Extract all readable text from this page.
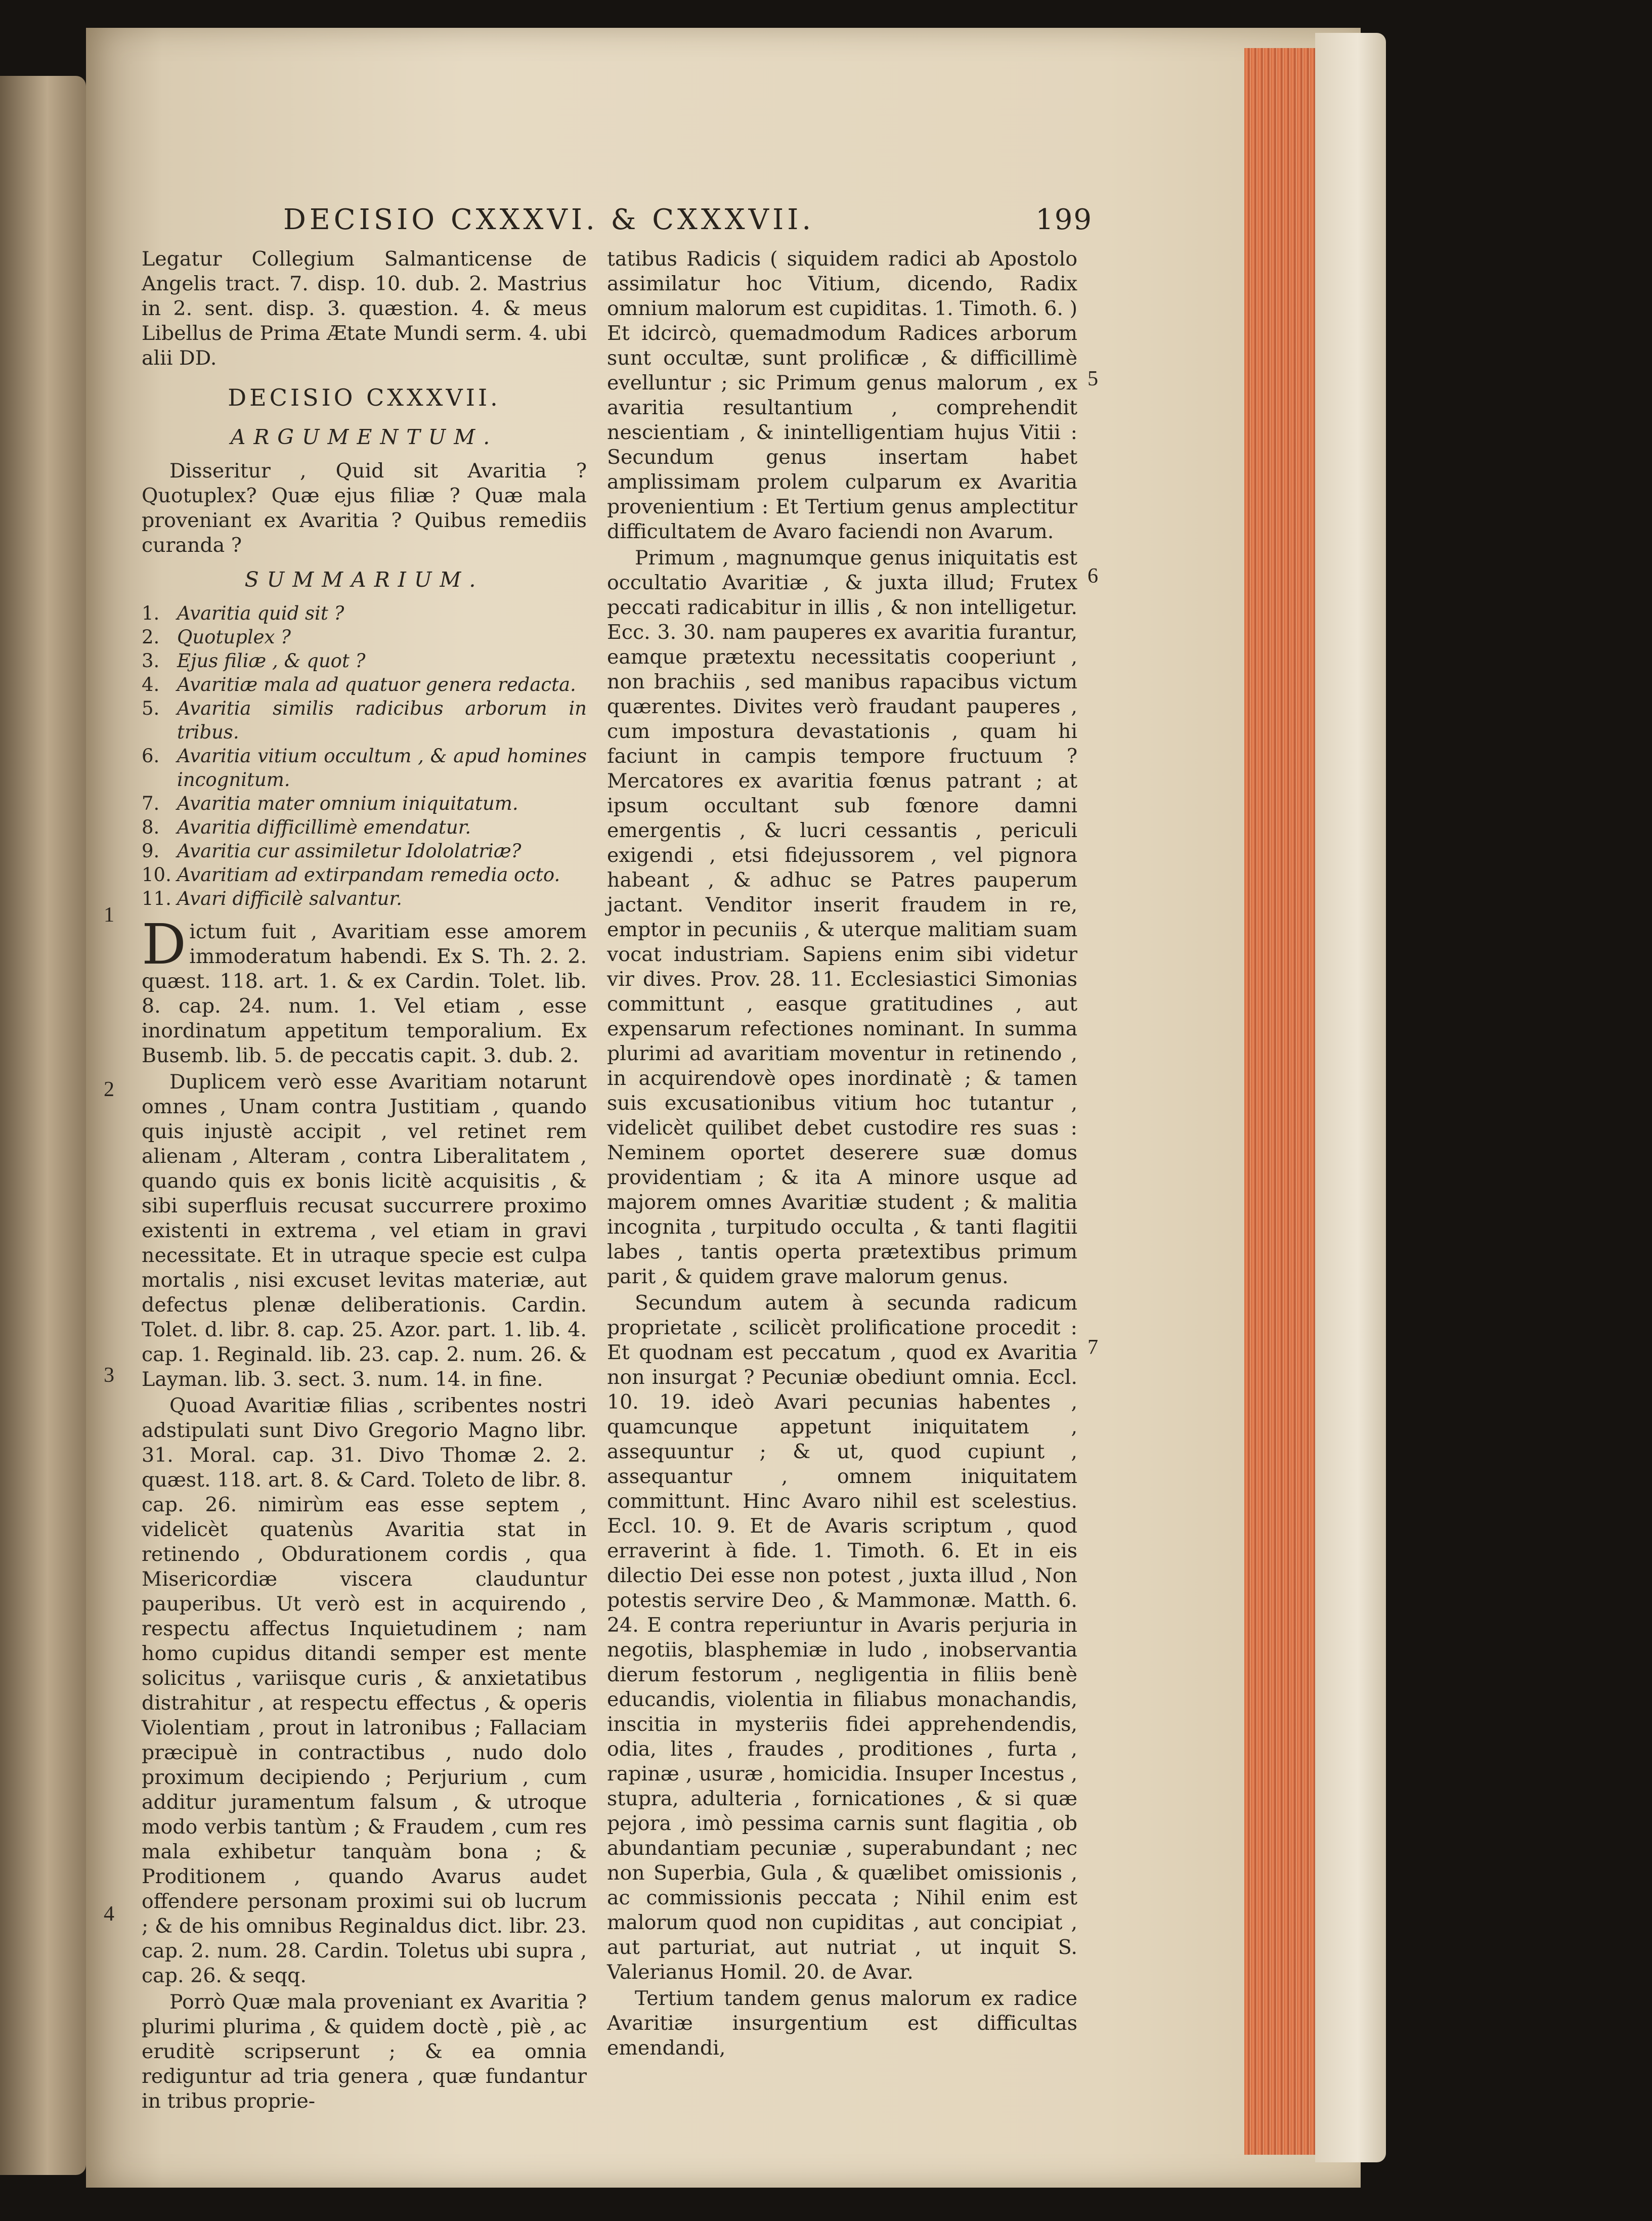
DECISIO CXXXVI. & CXXXVII.	199

Legatur Collegium Salmanticense de Angelis tract. 7. disp. 10. dub. 2. Mastrius in 2. sent. disp. 3. quæstion. 4. & meus Libellus de Prima Ætate Mundi serm. 4. ubi alii DD.

DECISIO CXXXVII.
ARGUMENTUM.

Disseritur , Quid sit Avaritia ? Quotuplex? Quæ ejus filiæ ? Quæ mala proveniant ex Avaritia ? Quibus remediis curanda ?

SUMMARIUM.
1. Avaritia quid sit ?
2. Quotuplex ?
3. Ejus filiæ , & quot ?
4. Avaritiæ mala ad quatuor genera redacta.
5. Avaritia similis radicibus arborum in tribus.
6. Avaritia vitium occultum , & apud homines incognitum.
7. Avaritia mater omnium iniquitatum.
8. Avaritia difficillimè emendatur.
9. Avaritia cur assimiletur Idololatriæ?
10. Avaritiam ad extirpandam remedia octo.
11. Avari difficilè salvantur.

Dictum fuit , Avaritiam esse amorem immoderatum habendi. Ex S. Th. 2. 2. quæst. 118. art. 1. & ex Cardin. Tolet. lib. 8. cap. 24. num. 1. Vel etiam , esse inordinatum appetitum temporalium. Ex Busemb. lib. 5. de peccatis capit. 3. dub. 2.

Duplicem verò esse Avaritiam notarunt omnes , Unam contra Justitiam , quando quis injustè accipit , vel retinet rem alienam , Alteram , contra Liberalitatem , quando quis ex bonis licitè acquisitis , & sibi superfluis recusat succurrere proximo existenti in extrema , vel etiam in gravi necessitate. Et in utraque specie est culpa mortalis , nisi excuset levitas materiæ, aut defectus plenæ deliberationis. Cardin. Tolet. d. libr. 8. cap. 25. Azor. part. 1. lib. 4. cap. 1. Reginald. lib. 23. cap. 2. num. 26. & Layman. lib. 3. sect. 3. num. 14. in fine.

Quoad Avaritiæ filias , scribentes nostri adstipulati sunt Divo Gregorio Magno libr. 31. Moral. cap. 31. Divo Thomæ 2. 2. quæst. 118. art. 8. & Card. Toleto de libr. 8. cap. 26. nimirùm eas esse septem , videlicèt quatenùs Avaritia stat in retinendo , Obdurationem cordis , qua Misericordiæ viscera clauduntur pauperibus. Ut verò est in acquirendo , respectu affectus Inquietudinem ; nam homo cupidus ditandi semper est mente solicitus , variisque curis , & anxietatibus distrahitur , at respectu effectus , & operis Violentiam , prout in latronibus ; Fallaciam præcipuè in contractibus , nudo dolo proximum decipiendo ; Perjurium , cum additur juramentum falsum , & utroque modo verbis tantùm ; & Fraudem , cum res mala exhibetur tanquàm bona ; & Proditionem , quando Avarus audet offendere personam proximi sui ob lucrum ; & de his omnibus Reginaldus dict. libr. 23. cap. 2. num. 28. Cardin. Toletus ubi supra , cap. 26. & seqq.

Porrò Quæ mala proveniant ex Avaritia ? plurimi plurima , & quidem doctè , piè , ac eruditè scripserunt ; & ea omnia rediguntur ad tria genera , quæ fundantur in tribus proprie-

1
2
3
4

tatibus Radicis ( siquidem radici ab Apostolo assimilatur hoc Vitium, dicendo, Radix omnium malorum est cupiditas. 1. Timoth. 6. ) Et idcircò, quemadmodum Radices arborum sunt occultæ, sunt prolificæ , & difficillimè evelluntur ; sic Primum genus malorum , ex avaritia resultantium , comprehendit nescientiam , & inintelligentiam hujus Vitii : Secundum genus insertam habet amplissimam prolem culparum ex Avaritia provenientium : Et Tertium genus amplectitur difficultatem de Avaro faciendi non Avarum.

Primum , magnumque genus iniquitatis est occultatio Avaritiæ , & juxta illud; Frutex peccati radicabitur in illis , & non intelligetur. Ecc. 3. 30. nam pauperes ex avaritia furantur, eamque prætextu necessitatis cooperiunt , non brachiis , sed manibus rapacibus victum quærentes. Divites verò fraudant pauperes , cum impostura devastationis , quam hi faciunt in campis tempore fructuum ? Mercatores ex avaritia fœnus patrant ; at ipsum occultant sub fœnore damni emergentis , & lucri cessantis , periculi exigendi , etsi fidejussorem , vel pignora habeant , & adhuc se Patres pauperum jactant. Venditor inserit fraudem in re, emptor in pecuniis , & uterque malitiam suam vocat industriam. Sapiens enim sibi videtur vir dives. Prov. 28. 11. Ecclesiastici Simonias committunt , easque gratitudines , aut expensarum refectiones nominant. In summa plurimi ad avaritiam moventur in retinendo , in acquirendovè opes inordinatè ; & tamen suis excusationibus vitium hoc tutantur , videlicèt quilibet debet custodire res suas : Neminem oportet deserere suæ domus providentiam ; & ita A minore usque ad majorem omnes Avaritiæ student ; & malitia incognita , turpitudo occulta , & tanti flagitii labes , tantis operta prætextibus primum parit , & quidem grave malorum genus.

Secundum autem à secunda radicum proprietate , scilicèt prolificatione procedit : Et quodnam est peccatum , quod ex Avaritia non insurgat ? Pecuniæ obediunt omnia. Eccl. 10. 19. ideò Avari pecunias habentes , quamcunque appetunt iniquitatem , assequuntur ; & ut, quod cupiunt , assequantur , omnem iniquitatem committunt. Hinc Avaro nihil est scelestius. Eccl. 10. 9. Et de Avaris scriptum , quod erraverint à fide. 1. Timoth. 6. Et in eis dilectio Dei esse non potest , juxta illud , Non potestis servire Deo , & Mammonæ. Matth. 6. 24. E contra reperiuntur in Avaris perjuria in negotiis, blasphemiæ in ludo , inobservantia dierum festorum , negligentia in filiis benè educandis, violentia in filiabus monachandis, inscitia in mysteriis fidei apprehendendis, odia, lites , fraudes , proditiones , furta , rapinæ , usuræ , homicidia. Insuper Incestus , stupra, adulteria , fornicationes , & si quæ pejora , imò pessima carnis sunt flagitia , ob abundantiam pecuniæ , superabundant ; nec non Superbia, Gula , & quælibet omissionis , ac commissionis peccata ; Nihil enim est malorum quod non cupiditas , aut concipiat , aut parturiat, aut nutriat , ut inquit S. Valerianus Homil. 20. de Avar.

Tertium tandem genus malorum ex radice Avaritiæ insurgentium est difficultas emendandi,

5
6
7
